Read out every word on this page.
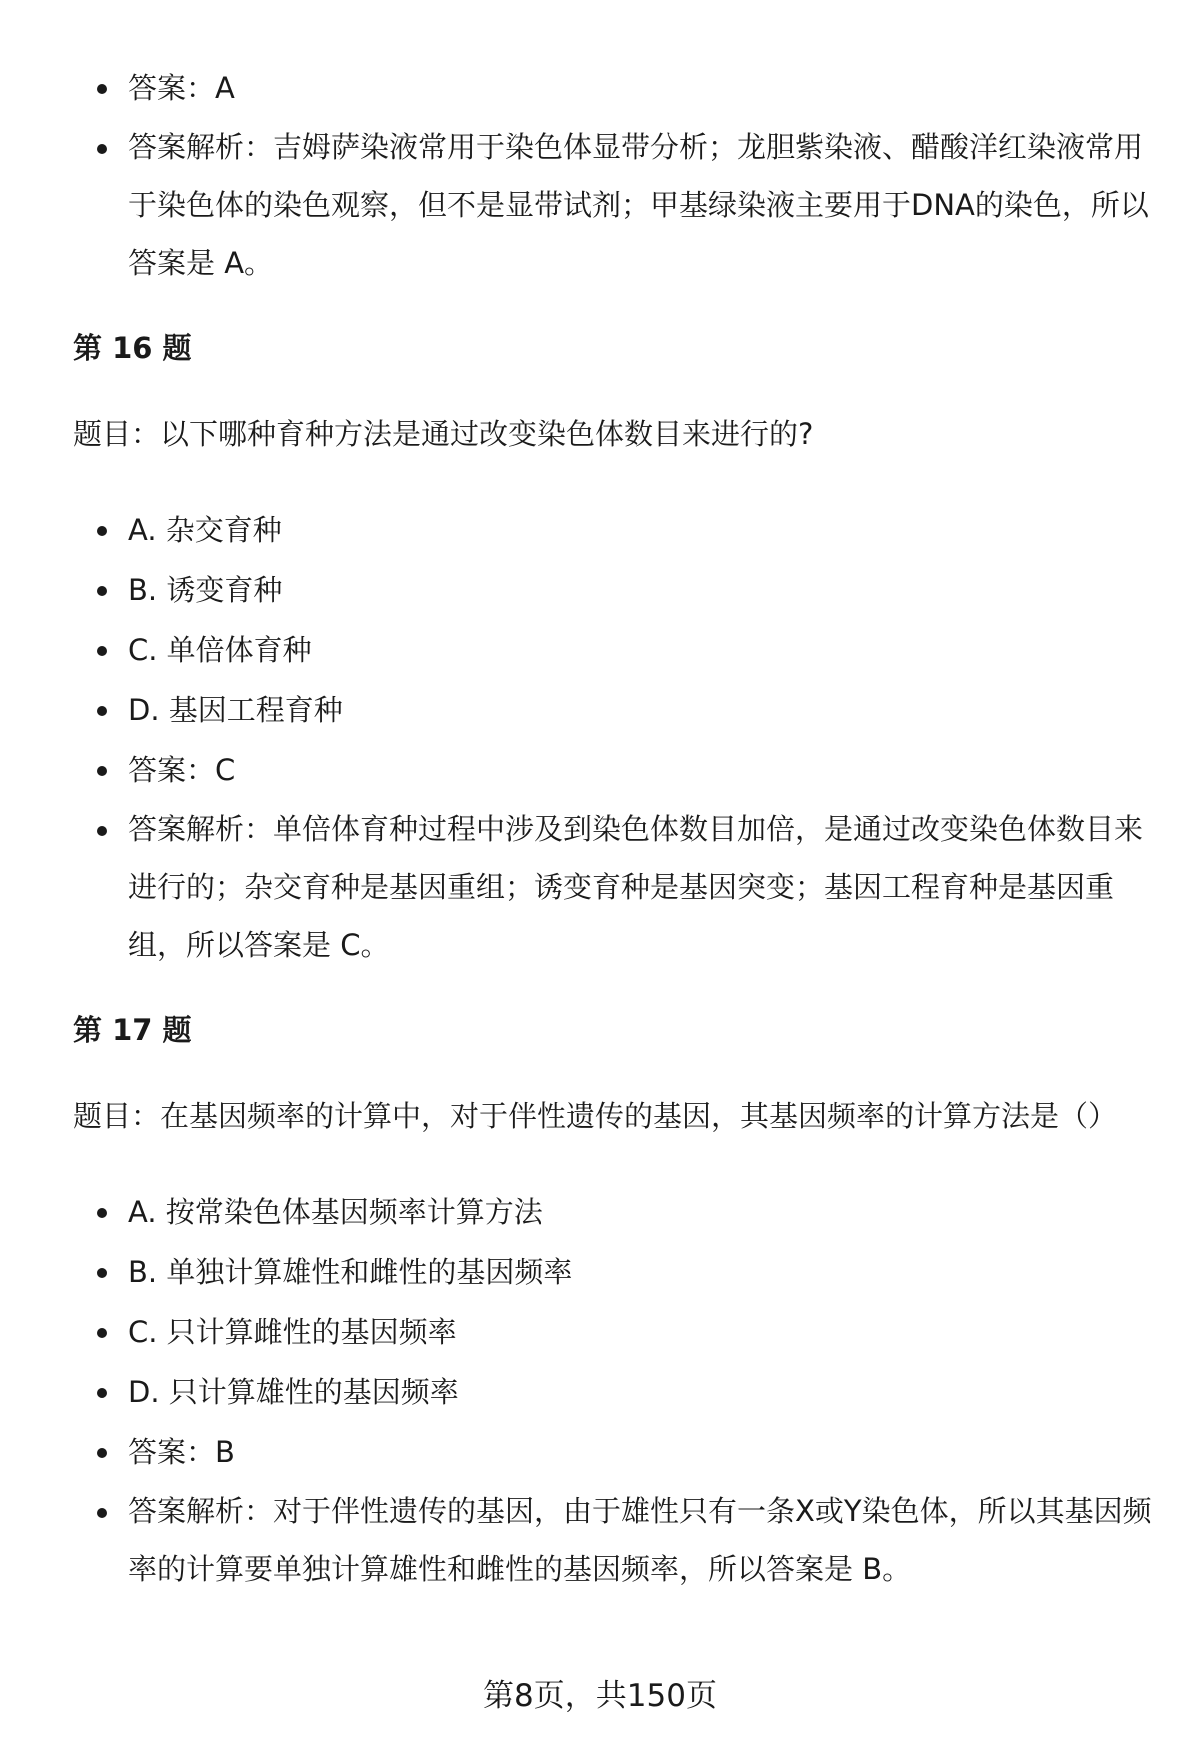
答案：A
答案解析：吉姆萨染液常用于染色体显带分析；龙胆紫染液、醋酸洋红染液常用于染色体的染色观察，但不是显带试剂；甲基绿染液主要用于DNA的染色，所以答案是 A。

第 16 题

题目：以下哪种育种方法是通过改变染色体数目来进行的?

A. 杂交育种
B. 诱变育种
C. 单倍体育种
D. 基因工程育种
答案：C
答案解析：单倍体育种过程中涉及到染色体数目加倍，是通过改变染色体数目来进行的；杂交育种是基因重组；诱变育种是基因突变；基因工程育种是基因重组，所以答案是 C。

第 17 题

题目：在基因频率的计算中，对于伴性遗传的基因，其基因频率的计算方法是（）

A. 按常染色体基因频率计算方法
B. 单独计算雄性和雌性的基因频率
C. 只计算雌性的基因频率
D. 只计算雄性的基因频率
答案：B
答案解析：对于伴性遗传的基因，由于雄性只有一条X或Y染色体，所以其基因频率的计算要单独计算雄性和雌性的基因频率，所以答案是 B。
第8页，共150页
